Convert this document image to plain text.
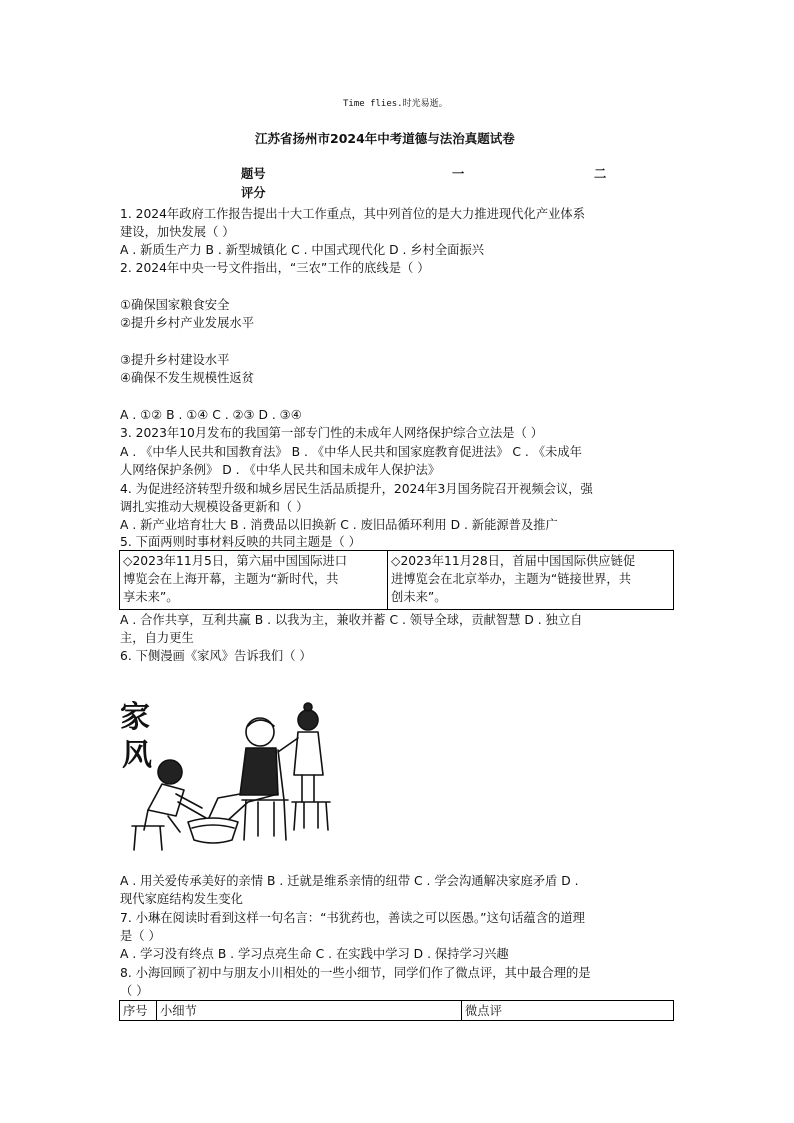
Time flies.时光易逝。
江苏省扬州市2024年中考道德与法治真题试卷
题号	一	二
评分
1. 2024年政府工作报告提出十大工作重点，其中列首位的是大力推进现代化产业体系
建设，加快发展（ ）
A . 新质生产力 B . 新型城镇化 C . 中国式现代化 D . 乡村全面振兴
2. 2024年中央一号文件指出，“三农”工作的底线是（ ）
①确保国家粮食安全
②提升乡村产业发展水平
③提升乡村建设水平
④确保不发生规模性返贫
A . ①② B . ①④ C . ②③ D . ③④
3. 2023年10月发布的我国第一部专门性的未成年人网络保护综合立法是（ ）
A . 《中华人民共和国教育法》 B . 《中华人民共和国家庭教育促进法》 C . 《未成年
人网络保护条例》 D . 《中华人民共和国未成年人保护法》
4. 为促进经济转型升级和城乡居民生活品质提升，2024年3月国务院召开视频会议，强
调扎实推动大规模设备更新和（ ）
A . 新产业培育壮大 B . 消费品以旧换新 C . 废旧品循环利用 D . 新能源普及推广
5. 下面两则时事材料反映的共同主题是（ ）
◇2023年11月5日，第六届中国国际进口
博览会在上海开幕，主题为“新时代，共
享未来”。
◇2023年11月28日，首届中国国际供应链促
进博览会在北京举办，主题为“链接世界，共
创未来”。
A . 合作共享，互利共赢 B . 以我为主，兼收并蓄 C . 领导全球，贡献智慧 D . 独立自
主，自力更生
6. 下侧漫画《家风》告诉我们（ ）
家
风
A . 用关爱传承美好的亲情 B . 迁就是维系亲情的纽带 C . 学会沟通解决家庭矛盾 D .
现代家庭结构发生变化
7. 小琳在阅读时看到这样一句名言：“书犹药也，善读之可以医愚。”这句话蕴含的道理
是（ ）
A . 学习没有终点 B . 学习点亮生命 C . 在实践中学习 D . 保持学习兴趣
8. 小海回顾了初中与朋友小川相处的一些小细节，同学们作了微点评，其中最合理的是
（ ）
序号 小细节	微点评
